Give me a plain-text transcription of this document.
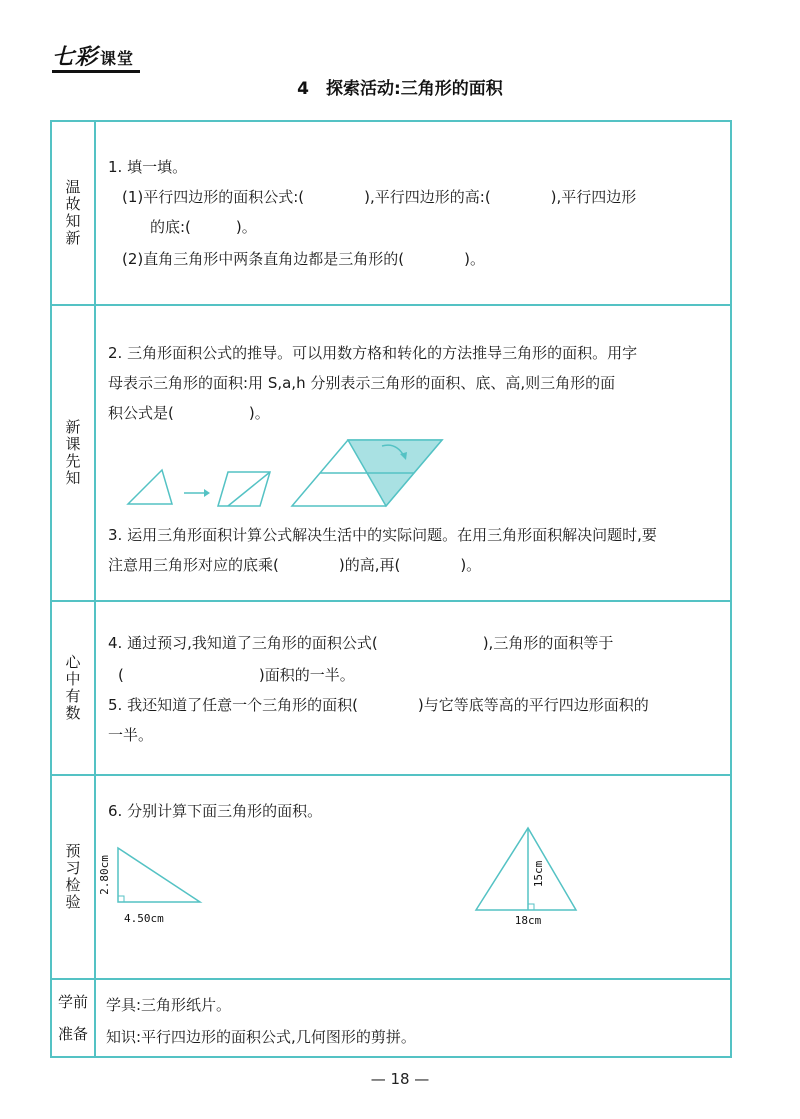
七彩 课堂
4　探索活动:三角形的面积
温故知新
1. 填一填。
(1)平行四边形的面积公式:(　　　　),平行四边形的高:(　　　　),平行四边形
的底:(　　　)。
(2)直角三角形中两条直角边都是三角形的(　　　　)。
新课先知
2. 三角形面积公式的推导。可以用数方格和转化的方法推导三角形的面积。用字
母表示三角形的面积:用 S,a,h 分别表示三角形的面积、底、高,则三角形的面
积公式是(　　　　　)。
3. 运用三角形面积计算公式解决生活中的实际问题。在用三角形面积解决问题时,要
注意用三角形对应的底乘(　　　　)的高,再(　　　　)。
心中有数
4. 通过预习,我知道了三角形的面积公式(　　　　　　　),三角形的面积等于
(　　　　　　　　　)面积的一半。
5. 我还知道了任意一个三角形的面积(　　　　)与它等底等高的平行四边形面积的
一半。
预习检验
6. 分别计算下面三角形的面积。
2.80cm
4.50cm
15cm
18cm
学前
准备
学具:三角形纸片。
知识:平行四边形的面积公式,几何图形的剪拼。
— 18 —
